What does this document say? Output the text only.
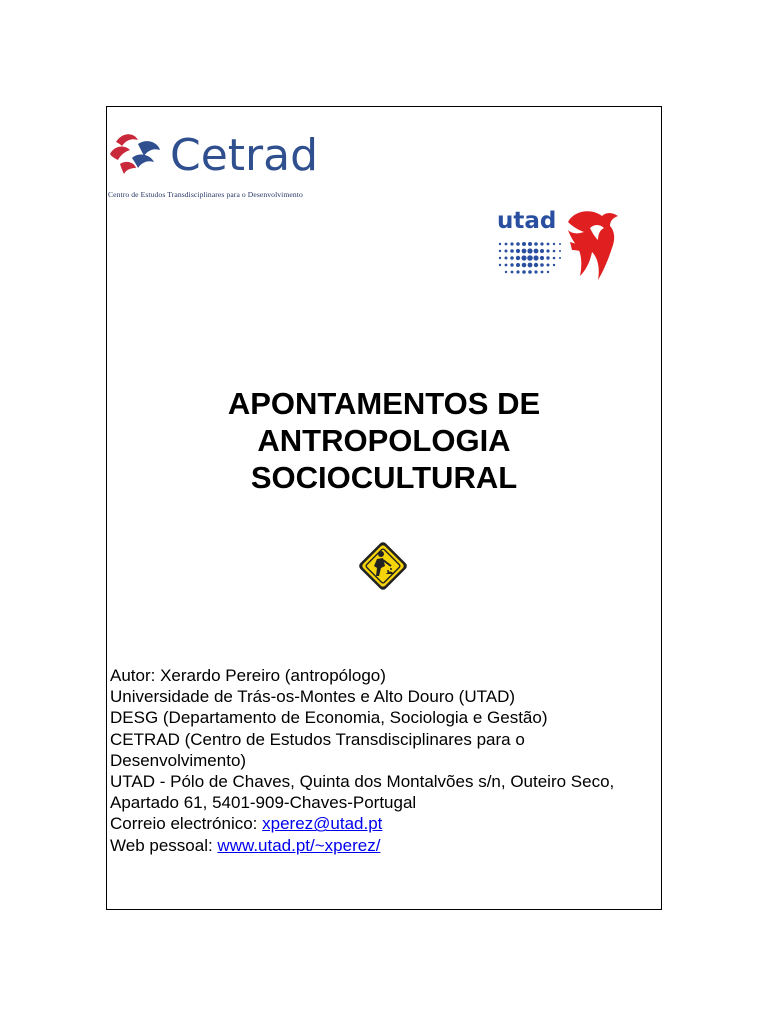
Cetrad
Centro de Estudos Transdisciplinares para o Desenvolvimento
utad
APONTAMENTOS DE
ANTROPOLOGIA
SOCIOCULTURAL
Autor: Xerardo Pereiro (antropólogo)
Universidade de Trás-os-Montes e Alto Douro (UTAD)
DESG (Departamento de Economia, Sociologia e Gestão)
CETRAD (Centro de Estudos Transdisciplinares para o
Desenvolvimento)
UTAD - Pólo de Chaves, Quinta dos Montalvões s/n, Outeiro Seco,
Apartado 61, 5401-909-Chaves-Portugal
Correio electrónico: xperez@utad.pt
Web pessoal: www.utad.pt/~xperez/
